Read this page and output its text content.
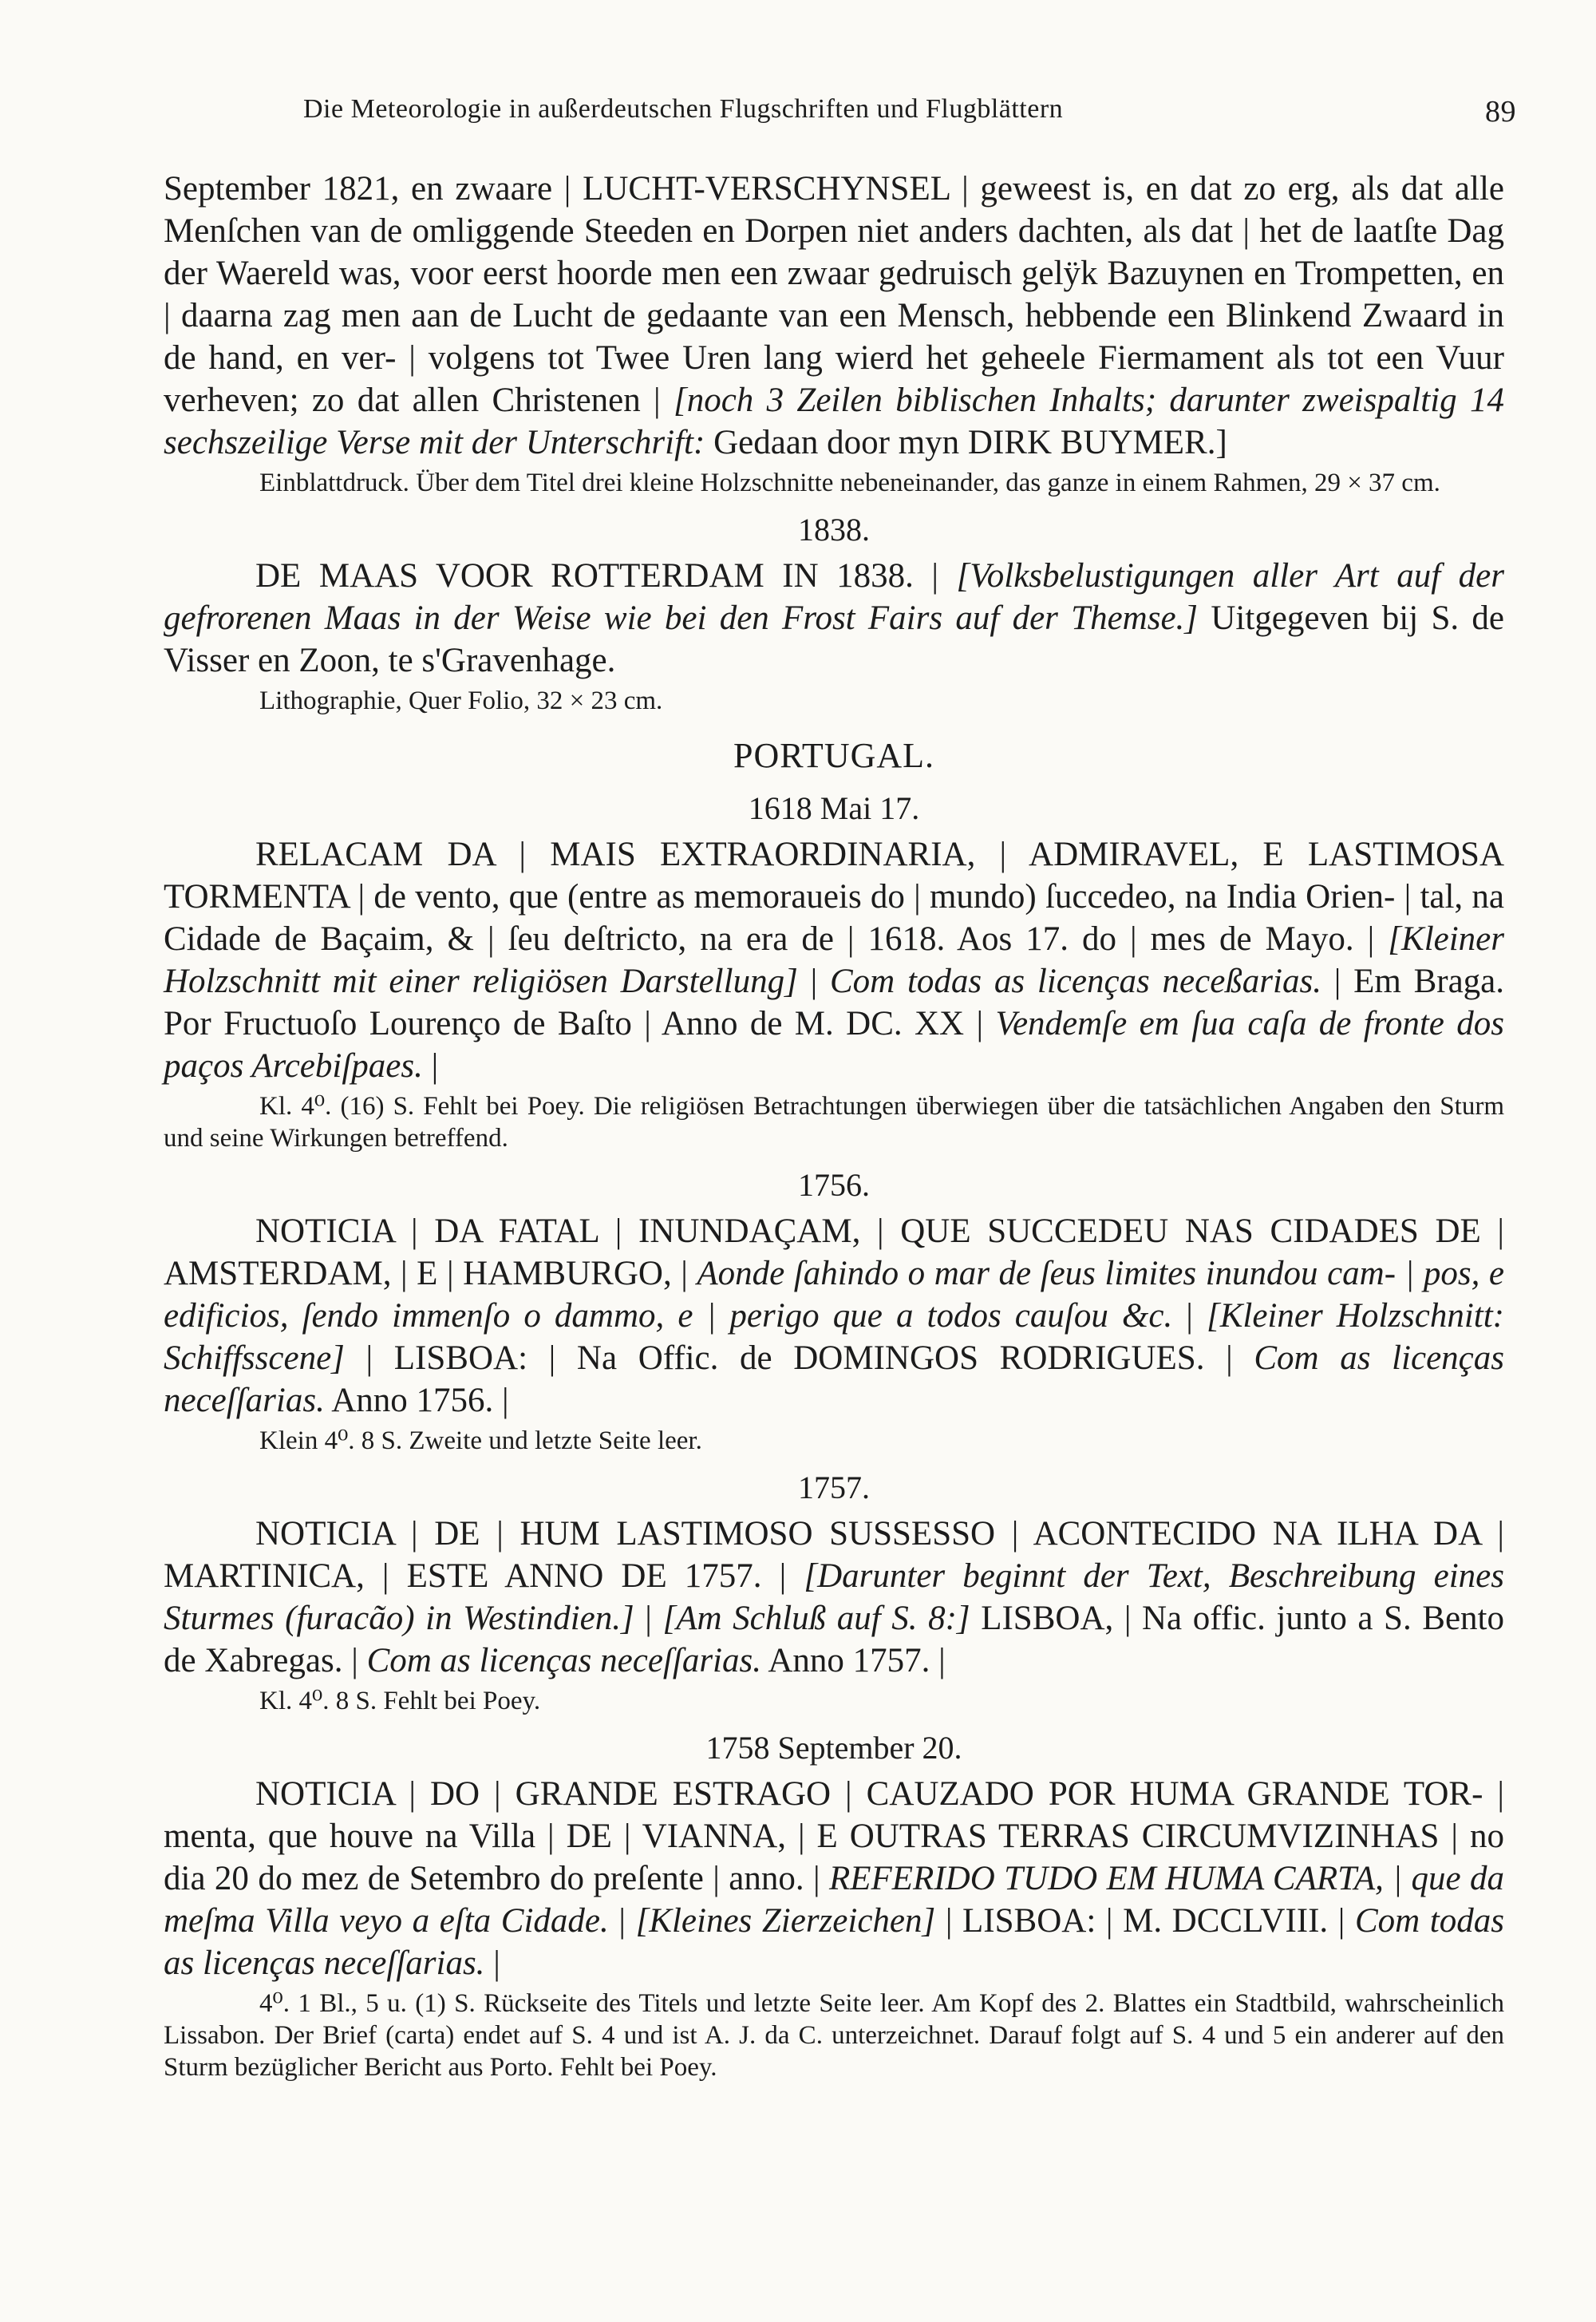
Die Meteorologie in außerdeutschen Flugschriften und Flugblättern	89

September 1821, en zwaare | LUCHT-VERSCHYNSEL | geweest is, en dat zo erg, als dat alle Menſchen van de omliggende Steeden en Dorpen niet anders dachten, als dat | het de laatſte Dag der Waereld was, voor eerst hoorde men een zwaar gedruisch gelÿk Bazuynen en Trompetten, en | daarna zag men aan de Lucht de gedaante van een Mensch, hebbende een Blinkend Zwaard in de hand, en ver- | volgens tot Twee Uren lang wierd het geheele Fiermament als tot een Vuur verheven; zo dat allen Christenen | [noch 3 Zeilen biblischen Inhalts; darunter zweispaltig 14 sechszeilige Verse mit der Unterschrift: Gedaan door myn DIRK BUYMER.]

Einblattdruck. Über dem Titel drei kleine Holzschnitte nebeneinander, das ganze in einem Rahmen, 29 × 37 cm.

1838.

DE MAAS VOOR ROTTERDAM IN 1838. | [Volksbelustigungen aller Art auf der gefrorenen Maas in der Weise wie bei den Frost Fairs auf der Themse.] Uitgegeven bij S. de Visser en Zoon, te s'Gravenhage.

Lithographie, Quer Folio, 32 × 23 cm.

PORTUGAL.
1618 Mai 17.

RELACAM DA | MAIS EXTRAORDINARIA, | ADMIRAVEL, E LASTIMOSA TORMENTA | de vento, que (entre as memoraueis do | mundo) ſuccedeo, na India Orien- | tal, na Cidade de Baçaim, & | ſeu deſtricto, na era de | 1618. Aos 17. do | mes de Mayo. | [Kleiner Holzschnitt mit einer religiösen Darstellung] | Com todas as licenças neceßarias. | Em Braga. Por Fructuoſo Lourenço de Baſto | Anno de M. DC. XX | Vendemſe em ſua caſa de fronte dos paços Arcebiſpaes. |

Kl. 4⁰. (16) S. Fehlt bei Poey. Die religiösen Betrachtungen überwiegen über die tatsächlichen Angaben den Sturm und seine Wirkungen betreffend.

1756.

NOTICIA | DA FATAL | INUNDAÇAM, | QUE SUCCEDEU NAS CIDADES DE | AMSTERDAM, | E | HAMBURGO, | Aonde ſahindo o mar de ſeus limites inundou cam- | pos, e edificios, ſendo immenſo o dammo, e | perigo que a todos cauſou &c. | [Kleiner Holzschnitt: Schiffsscene] | LISBOA: | Na Offic. de DOMINGOS RODRIGUES. | Com as licenças neceſſarias. Anno 1756. |

Klein 4⁰. 8 S. Zweite und letzte Seite leer.

1757.

NOTICIA | DE | HUM LASTIMOSO SUSSESSO | ACONTECIDO NA ILHA DA | MARTINICA, | ESTE ANNO DE 1757. | [Darunter beginnt der Text, Beschreibung eines Sturmes (furacão) in Westindien.] | [Am Schluß auf S. 8:] LISBOA, | Na offic. junto a S. Bento de Xabregas. | Com as licenças neceſſarias. Anno 1757. |

Kl. 4⁰. 8 S. Fehlt bei Poey.

1758 September 20.

NOTICIA | DO | GRANDE ESTRAGO | CAUZADO POR HUMA GRANDE TOR- | menta, que houve na Villa | DE | VIANNA, | E OUTRAS TERRAS CIRCUMVIZINHAS | no dia 20 do mez de Setembro do preſente | anno. | REFERIDO TUDO EM HUMA CARTA, | que da meſma Villa veyo a eſta Cidade. | [Kleines Zierzeichen] | LISBOA: | M. DCCLVIII. | Com todas as licenças neceſſarias. |

4⁰. 1 Bl., 5 u. (1) S. Rückseite des Titels und letzte Seite leer. Am Kopf des 2. Blattes ein Stadtbild, wahrscheinlich Lissabon. Der Brief (carta) endet auf S. 4 und ist A. J. da C. unterzeichnet. Darauf folgt auf S. 4 und 5 ein anderer auf den Sturm bezüglicher Bericht aus Porto. Fehlt bei Poey.
